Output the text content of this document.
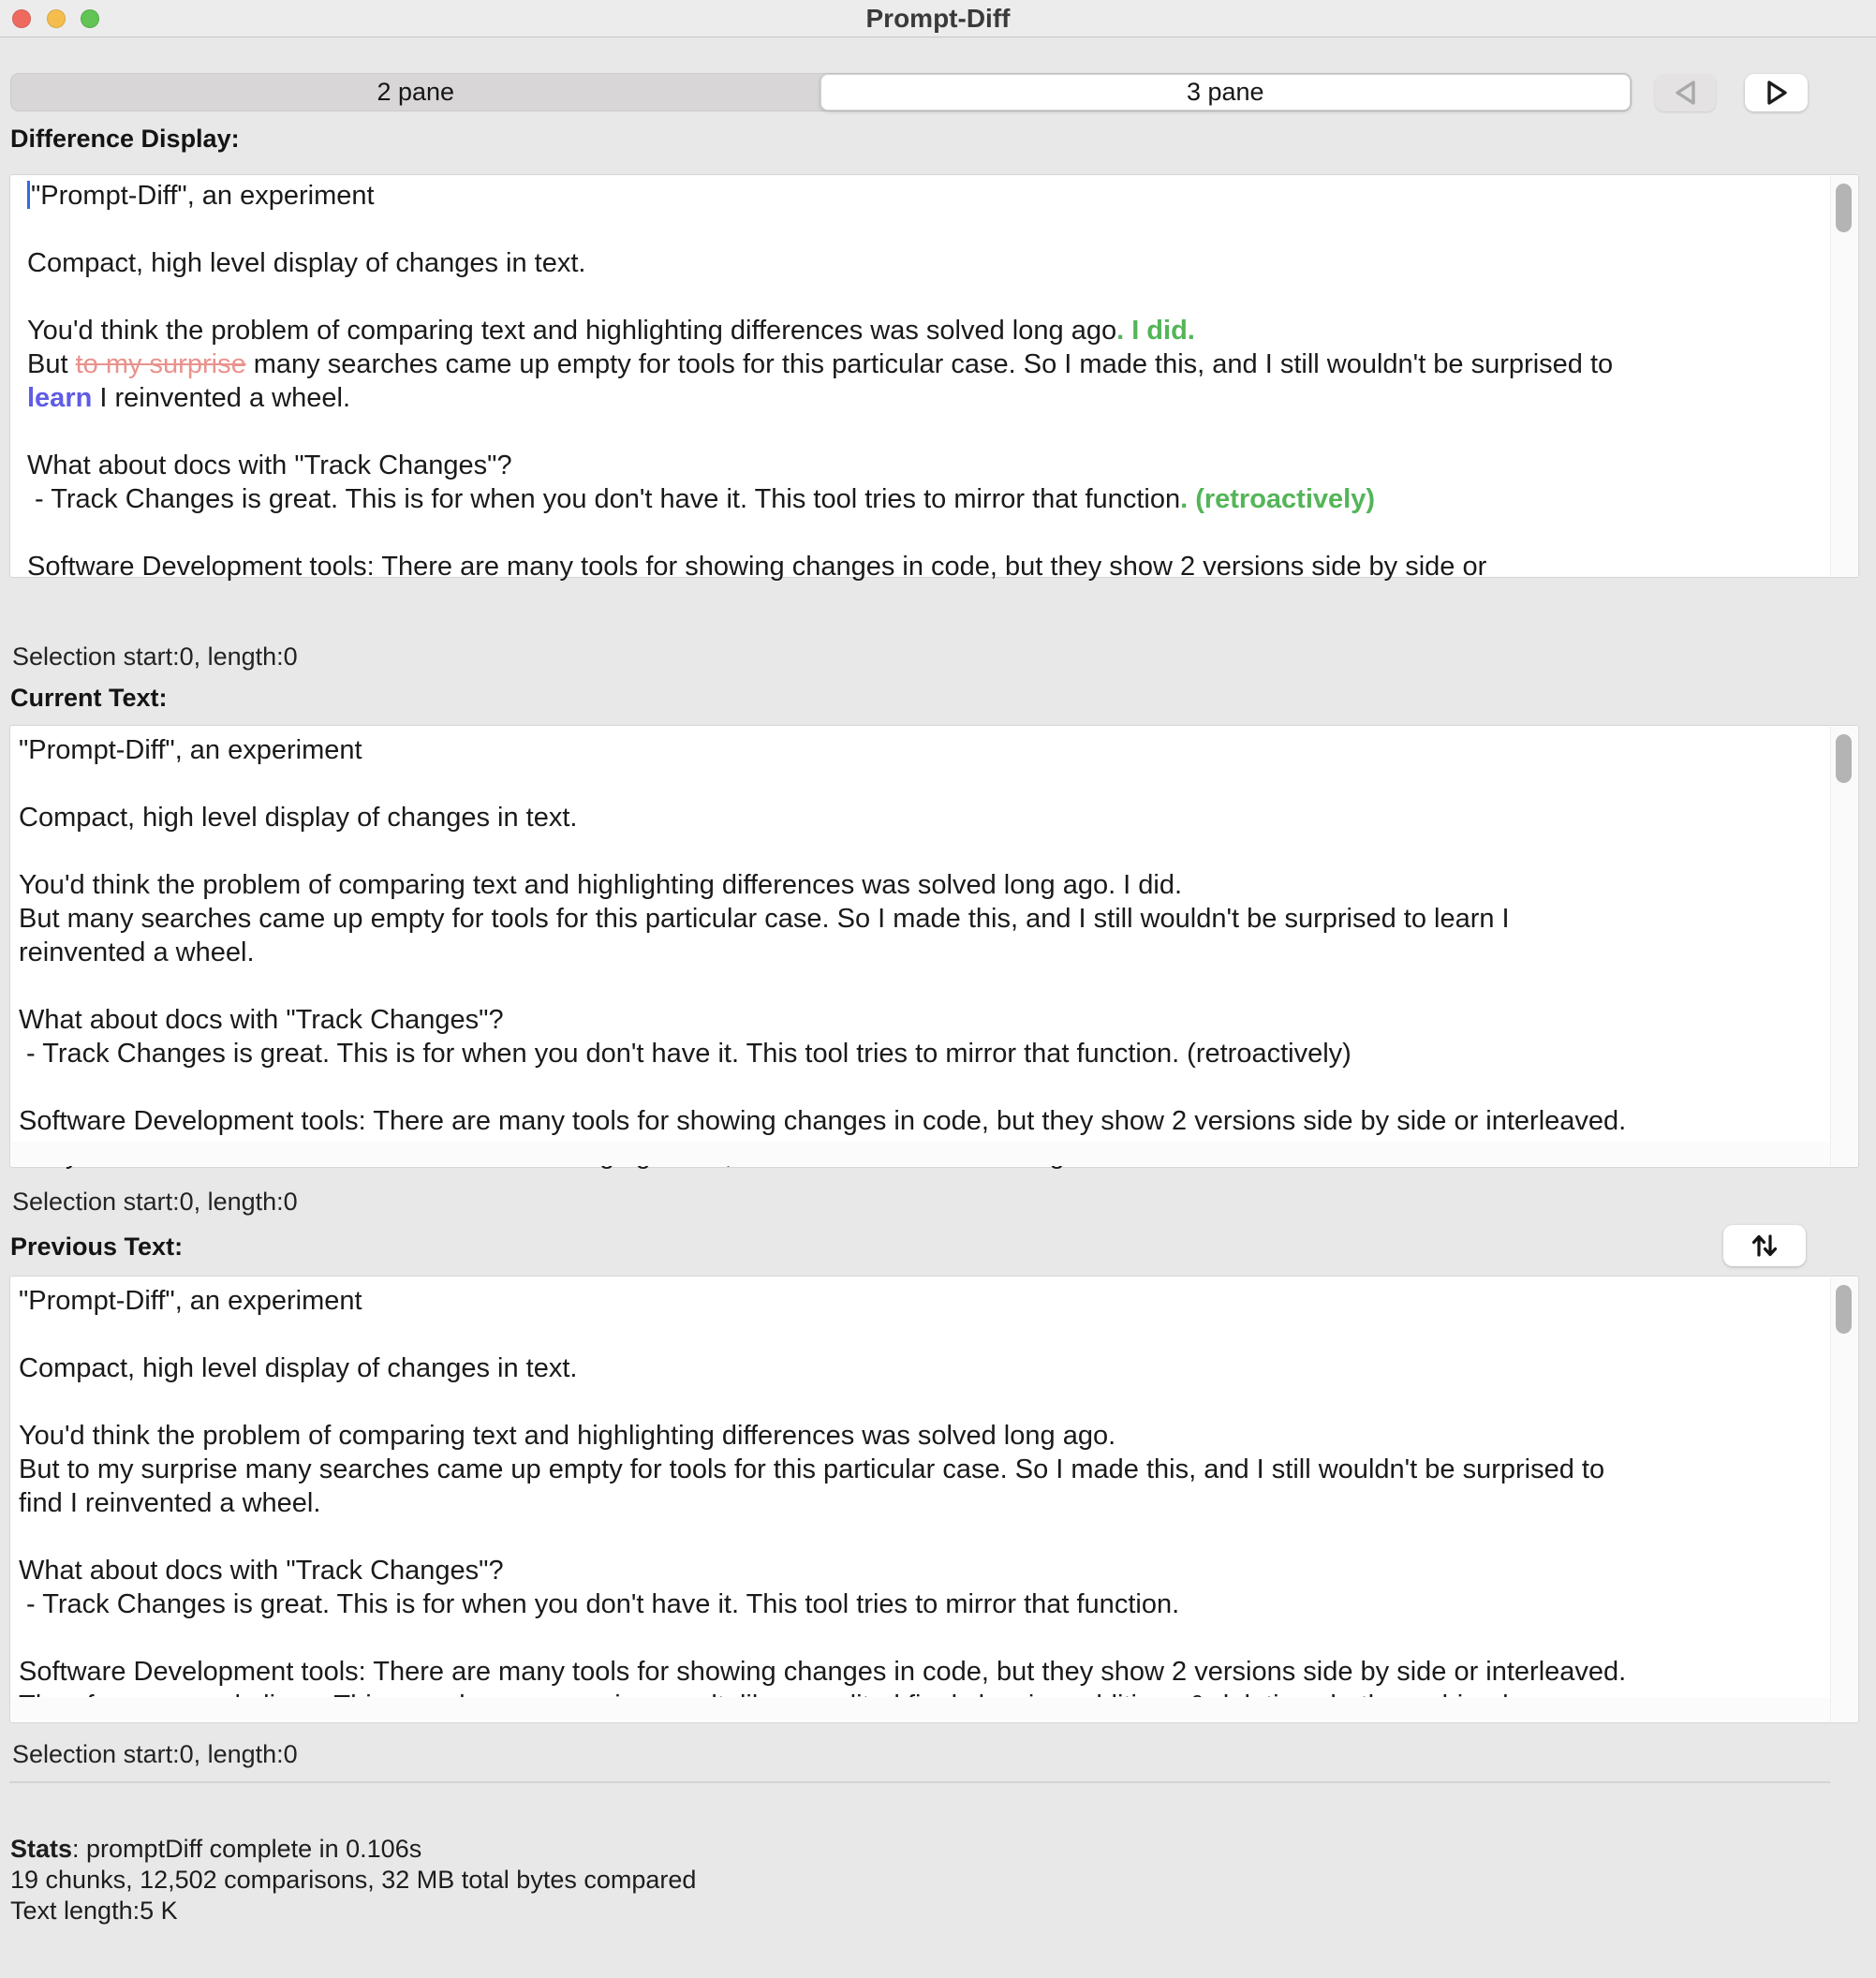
Prompt-Diff
2 pane	3 pane
Difference Display:
"Prompt-Diff", an experiment
Compact, high level display of changes in text.
You'd think the problem of comparing text and highlighting differences was solved long ago. I did.
But to my surprise many searches came up empty for tools for this particular case. So I made this, and I still wouldn't be surprised to
learn I reinvented a wheel.
What about docs with "Track Changes"?
- Track Changes is great. This is for when you don't have it. This tool tries to mirror that function. (retroactively)
Software Development tools: There are many tools for showing changes in code, but they show 2 versions side by side or
Selection start:0, length:0
Current Text:
"Prompt-Diff", an experiment
Compact, high level display of changes in text.
You'd think the problem of comparing text and highlighting differences was solved long ago. I did.
But many searches came up empty for tools for this particular case. So I made this, and I still wouldn't be surprised to learn I
reinvented a wheel.
What about docs with "Track Changes"?
- Track Changes is great. This is for when you don't have it. This tool tries to mirror that function. (retroactively)
Software Development tools: There are many tools for showing changes in code, but they show 2 versions side by side or interleaved.
Selection start:0, length:0
Previous Text:
"Prompt-Diff", an experiment
Compact, high level display of changes in text.
You'd think the problem of comparing text and highlighting differences was solved long ago.
But to my surprise many searches came up empty for tools for this particular case. So I made this, and I still wouldn't be surprised to
find I reinvented a wheel.
What about docs with "Track Changes"?
- Track Changes is great. This is for when you don't have it. This tool tries to mirror that function.
Software Development tools: There are many tools for showing changes in code, but they show 2 versions side by side or interleaved.
Selection start:0, length:0
Stats: promptDiff complete in 0.106s
19 chunks, 12,502 comparisons, 32 MB total bytes compared
Text length:5 K
